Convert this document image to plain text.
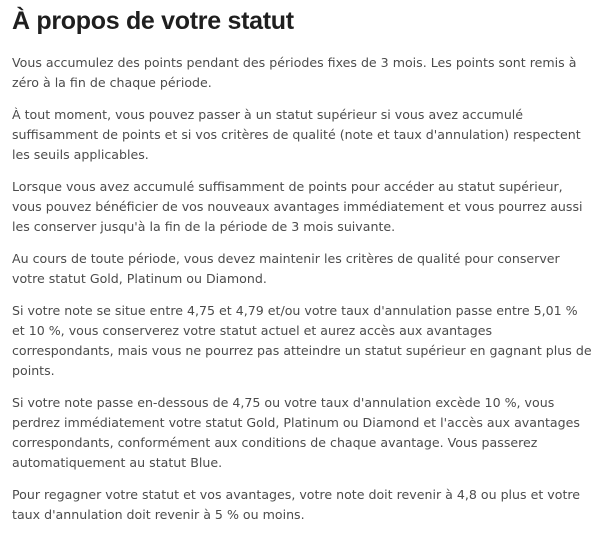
À propos de votre statut

Vous accumulez des points pendant des périodes fixes de 3 mois. Les points sont remis à zéro à la fin de chaque période.

À tout moment, vous pouvez passer à un statut supérieur si vous avez accumulé suffisamment de points et si vos critères de qualité (note et taux d'annulation) respectent les seuils applicables.

Lorsque vous avez accumulé suffisamment de points pour accéder au statut supérieur, vous pouvez bénéficier de vos nouveaux avantages immédiatement et vous pourrez aussi les conserver jusqu'à la fin de la période de 3 mois suivante.

Au cours de toute période, vous devez maintenir les critères de qualité pour conserver votre statut Gold, Platinum ou Diamond.

Si votre note se situe entre 4,75 et 4,79 et/ou votre taux d'annulation passe entre 5,01 % et 10 %, vous conserverez votre statut actuel et aurez accès aux avantages correspondants, mais vous ne pourrez pas atteindre un statut supérieur en gagnant plus de points.

Si votre note passe en-dessous de 4,75 ou votre taux d'annulation excède 10 %, vous perdrez immédiatement votre statut Gold, Platinum ou Diamond et l'accès aux avantages correspondants, conformément aux conditions de chaque avantage. Vous passerez automatiquement au statut Blue.

Pour regagner votre statut et vos avantages, votre note doit revenir à 4,8 ou plus et votre taux d'annulation doit revenir à 5 % ou moins.
